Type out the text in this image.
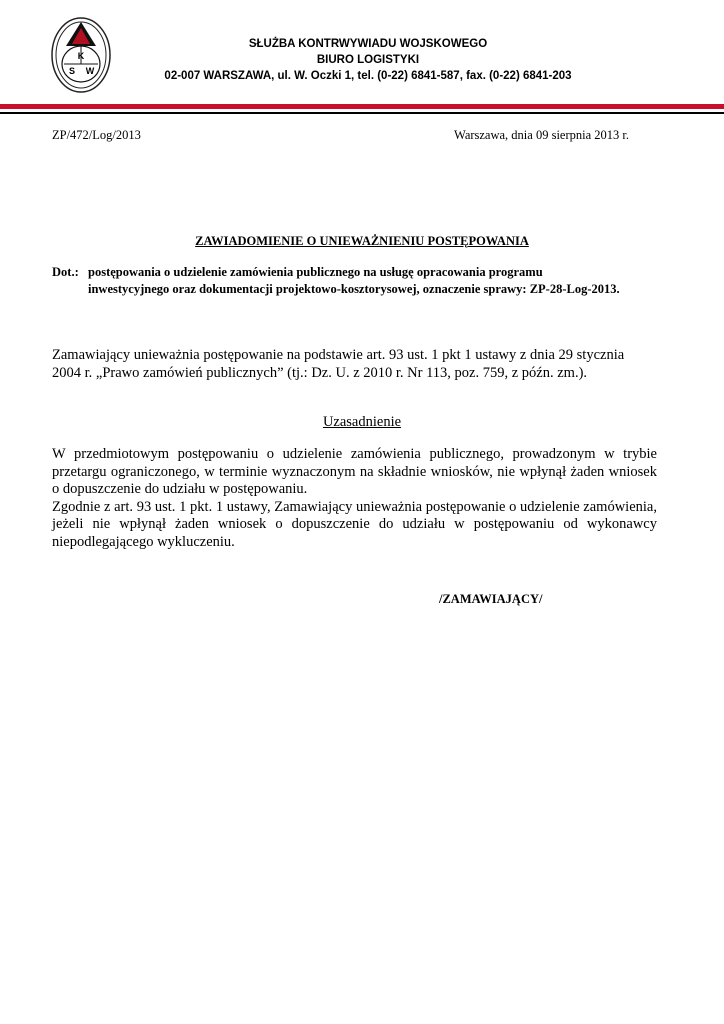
K
S W
SŁUŻBA KONTRWYWIADU WOJSKOWEGO
BIURO LOGISTYKI
02-007 WARSZAWA, ul. W. Oczki 1, tel. (0-22) 6841-587, fax. (0-22) 6841-203
ZP/472/Log/2013	Warszawa, dnia 09 sierpnia 2013 r.
ZAWIADOMIENIE O UNIEWAŻNIENIU POSTĘPOWANIA
Dot.: postępowania o udzielenie zamówienia publicznego na usługę opracowania programu
inwestycyjnego oraz dokumentacji projektowo-kosztorysowej, oznaczenie sprawy: ZP-28-Log-2013.
Zamawiający unieważnia postępowanie na podstawie art. 93 ust. 1 pkt 1 ustawy z dnia 29 stycznia 2004 r. „Prawo zamówień publicznych” (tj.: Dz. U. z 2010 r. Nr 113, poz. 759, z późn. zm.).
Uzasadnienie

W przedmiotowym postępowaniu o udzielenie zamówienia publicznego, prowadzonym w trybie przetargu ograniczonego, w terminie wyznaczonym na składnie wniosków, nie wpłynął żaden wniosek o dopuszczenie do udziału w postępowaniu.

Zgodnie z art. 93 ust. 1 pkt. 1 ustawy, Zamawiający unieważnia postępowanie o udzielenie zamówienia, jeżeli nie wpłynął żaden wniosek o dopuszczenie do udziału w postępowaniu od wykonawcy niepodlegającego wykluczeniu.

/ZAMAWIAJĄCY/
